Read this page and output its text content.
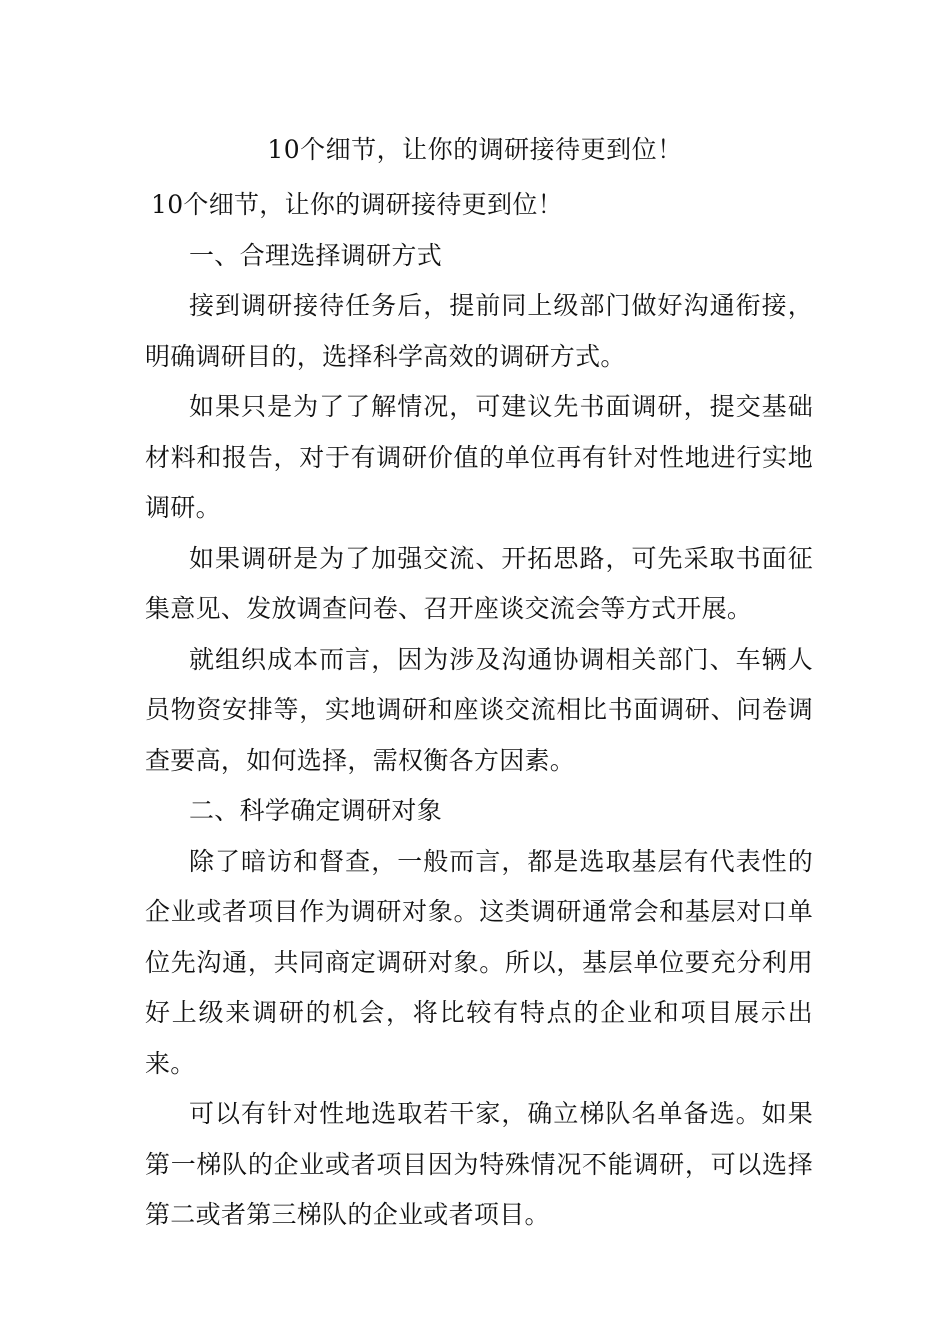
10个细节，让你的调研接待更到位！

10个细节，让你的调研接待更到位！

一、合理选择调研方式

接到调研接待任务后，提前同上级部门做好沟通衔接，明确调研目的，选择科学高效的调研方式。

如果只是为了了解情况，可建议先书面调研，提交基础材料和报告，对于有调研价值的单位再有针对性地进行实地调研。

如果调研是为了加强交流、开拓思路，可先采取书面征集意见、发放调查问卷、召开座谈交流会等方式开展。

就组织成本而言，因为涉及沟通协调相关部门、车辆人员物资安排等，实地调研和座谈交流相比书面调研、问卷调查要高，如何选择，需权衡各方因素。

二、科学确定调研对象

除了暗访和督查，一般而言，都是选取基层有代表性的企业或者项目作为调研对象。这类调研通常会和基层对口单位先沟通，共同商定调研对象。所以，基层单位要充分利用好上级来调研的机会，将比较有特点的企业和项目展示出来。

可以有针对性地选取若干家，确立梯队名单备选。如果第一梯队的企业或者项目因为特殊情况不能调研，可以选择第二或者第三梯队的企业或者项目。
